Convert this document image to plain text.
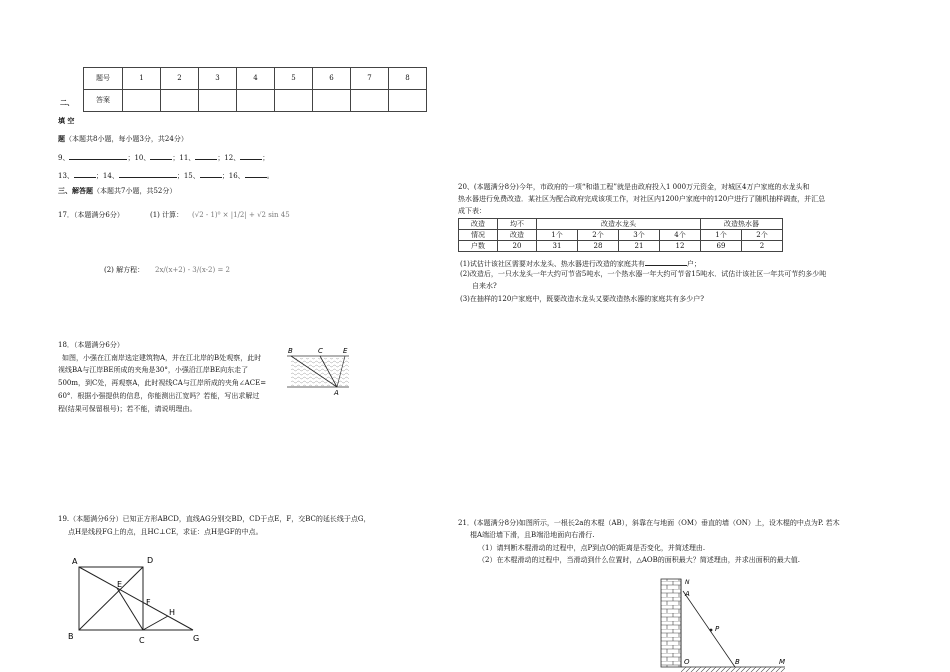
题号	1	2	3	4	5	6	7	8
答案								
二、
填 空
题（本题共8小题，每小题3分，共24分）
9、	；10、	；11、	；12、	；
13、	；14、	；15、	；16、	。
三、解答题（本题共7小题，共52分）
17．（本题满分6分）	(1) 计算： (√2 - 1)⁰ × |1/2| + √2 sin 45
(2) 解方程： 2x/(x+2) - 3/(x-2) = 2
18．（本题满分6分）
如图，小强在江南岸选定建筑物A，并在江北岸的B处观察，此时
视线BA与江岸BE所成的夹角是30°，小强沿江岸BE向东走了
500m，到C处，再观察A，此时视线CA与江岸所成的夹角∠ACE=
60°．根据小强提供的信息，你能测出江宽吗？若能，写出求解过
程(结果可保留根号)；若不能，请说明理由。
B	C	E
A
19.（本题满分6分）已知正方形ABCD，直线AG分别交BD，CD于点E，F，交BC的延长线于点G，
点H是线段FG上的点，且HC⊥CE，求证：点H是GF的中点。
A	D
E
F
H
B	C	G
20、(本题满分8分)今年，市政府的一项“和谐工程”就是由政府投入1 000万元资金，对城区4万户家庭的水龙头和
热水器进行免费改造．某社区为配合政府完成该项工作，对社区内1200户家庭中的120户进行了随机抽样调查，并汇总
成下表：
改造	均不	改造水龙头				改造热水器	
情况	改造	1个	2个	3个	4个	1个	2个
户数	20	31	28	21	12	69	2
(1)试估计该社区需要对水龙头、热水器进行改造的家庭共有	户；
(2)改造后，一只水龙头一年大约可节省5吨水，一个热水器一年大约可节省15吨水．试估计该社区一年共可节约多少吨
自来水?
(3)在抽样的120户家庭中，既要改造水龙头又要改造热水器的家庭共有多少户?
21．(本题满分8分)如图所示，一根长2a的木棍（AB），斜靠在与地面（OM）垂直的墙（ON）上，设木棍的中点为P. 若木
棍A端沿墙下滑，且B端沿地面向右滑行.
（1）请判断木棍滑动的过程中，点P到点O的距离是否变化，并简述理由.
（2）在木棍滑动的过程中，当滑动到什么位置时，△AOB的面积最大？简述理由，并求出面积的最大值.
N
A
P
O	B	M
